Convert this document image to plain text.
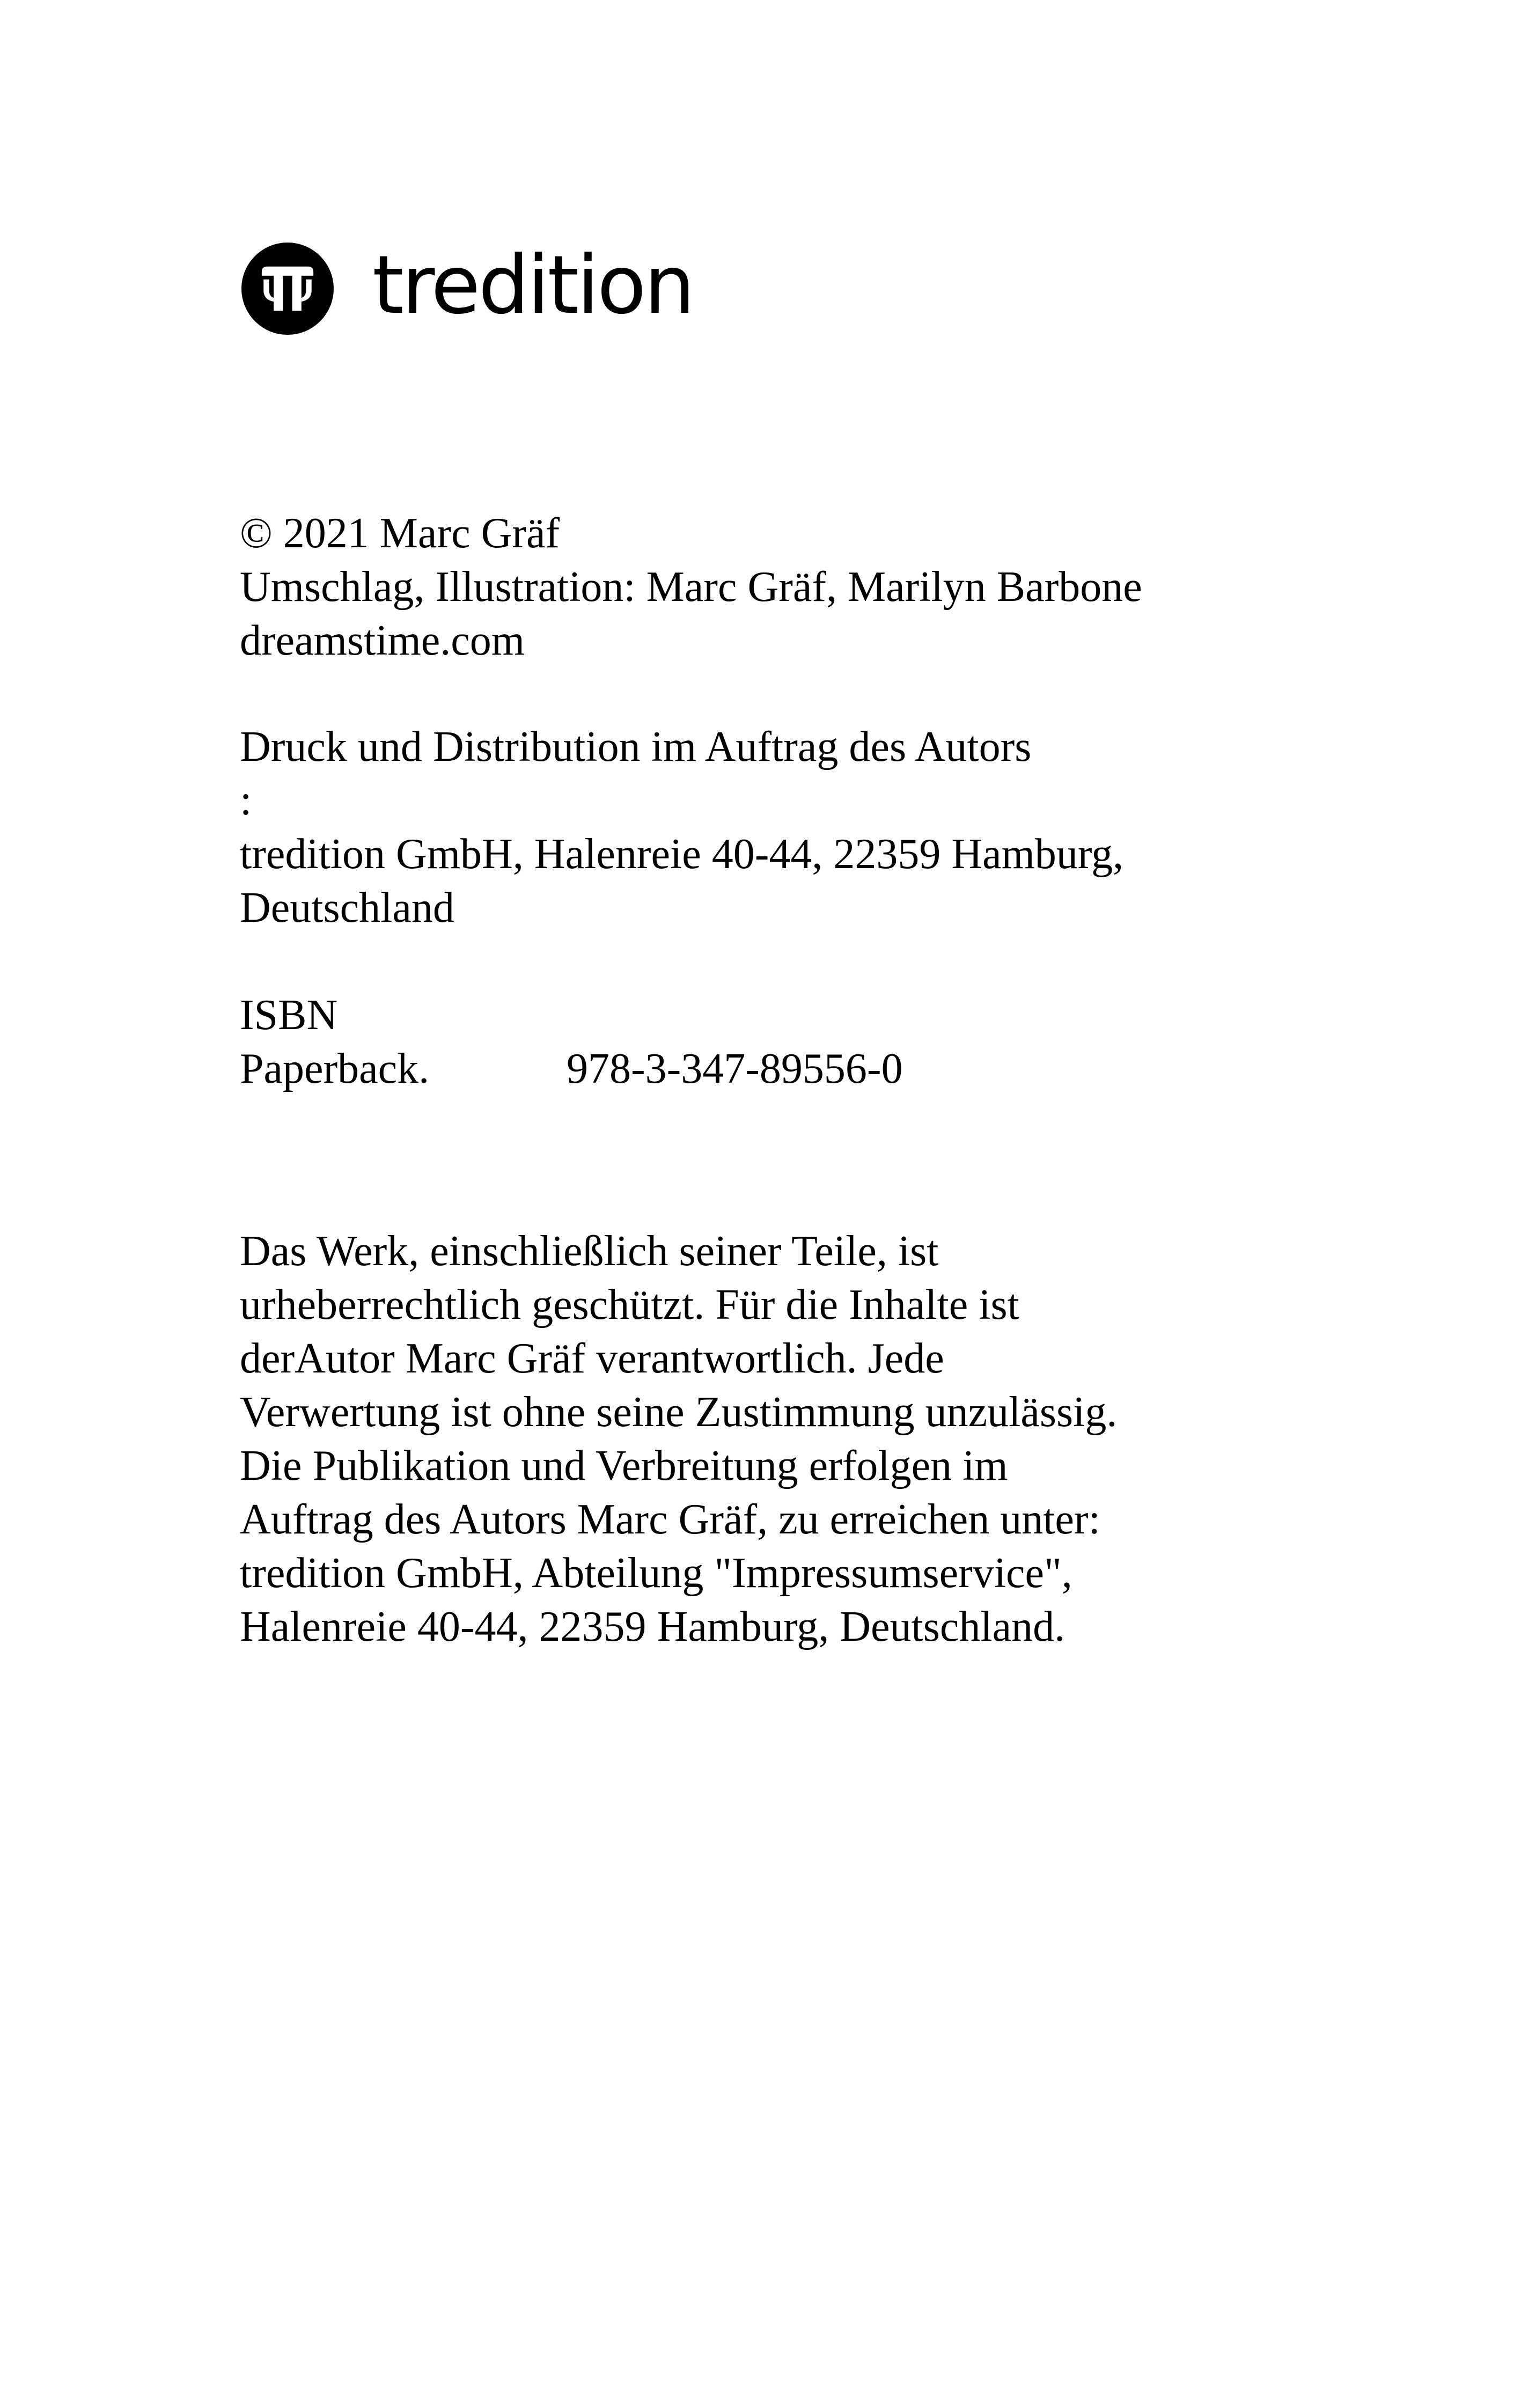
tredition
© 2021 Marc Gräf
Umschlag, Illustration: Marc Gräf, Marilyn Barbone
dreamstime.com
Druck und Distribution im Auftrag des Autors
:
tredition GmbH, Halenreie 40-44, 22359 Hamburg,
Deutschland
ISBN
Paperback.	978-3-347-89556-0
Das Werk, einschließlich seiner Teile, ist
urheberrechtlich geschützt. Für die Inhalte ist
derAutor Marc Gräf verantwortlich. Jede
Verwertung ist ohne seine Zustimmung unzulässig.
Die Publikation und Verbreitung erfolgen im
Auftrag des Autors Marc Gräf, zu erreichen unter:
tredition GmbH, Abteilung "Impressumservice",
Halenreie 40-44, 22359 Hamburg, Deutschland.
